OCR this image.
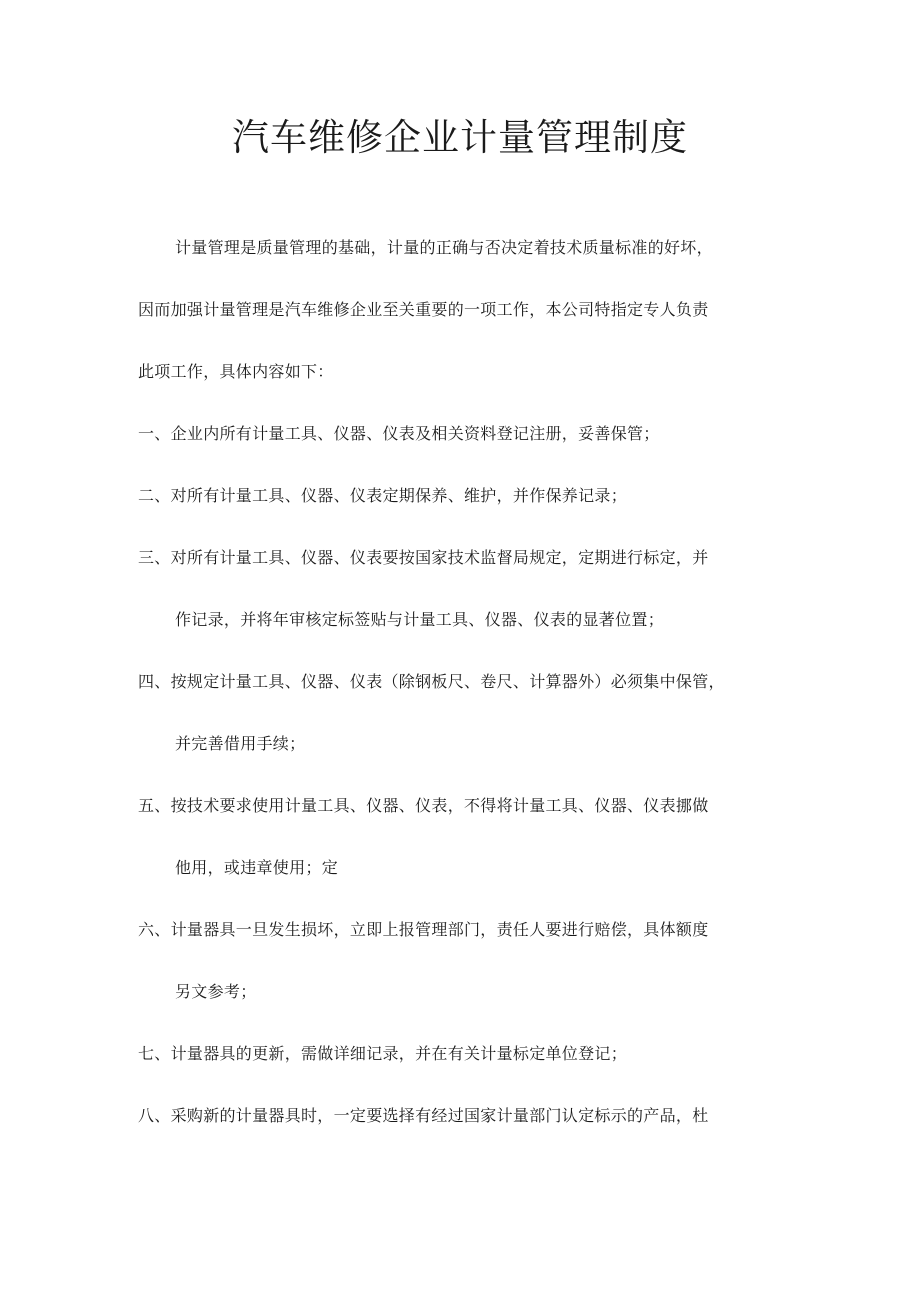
汽车维修企业计量管理制度
计量管理是质量管理的基础，计量的正确与否决定着技术质量标准的好坏，
因而加强计量管理是汽车维修企业至关重要的一项工作，本公司特指定专人负责
此项工作，具体内容如下：
一、企业内所有计量工具、仪器、仪表及相关资料登记注册，妥善保管；
二、对所有计量工具、仪器、仪表定期保养、维护，并作保养记录；
三、对所有计量工具、仪器、仪表要按国家技术监督局规定，定期进行标定，并
作记录，并将年审核定标签贴与计量工具、仪器、仪表的显著位置；
四、按规定计量工具、仪器、仪表（除钢板尺、卷尺、计算器外）必须集中保管，
并完善借用手续；
五、按技术要求使用计量工具、仪器、仪表，不得将计量工具、仪器、仪表挪做
他用，或违章使用；定
六、计量器具一旦发生损坏，立即上报管理部门，责任人要进行赔偿，具体额度
另文参考；
七、计量器具的更新，需做详细记录，并在有关计量标定单位登记；
八、采购新的计量器具时，一定要选择有经过国家计量部门认定标示的产品，杜
